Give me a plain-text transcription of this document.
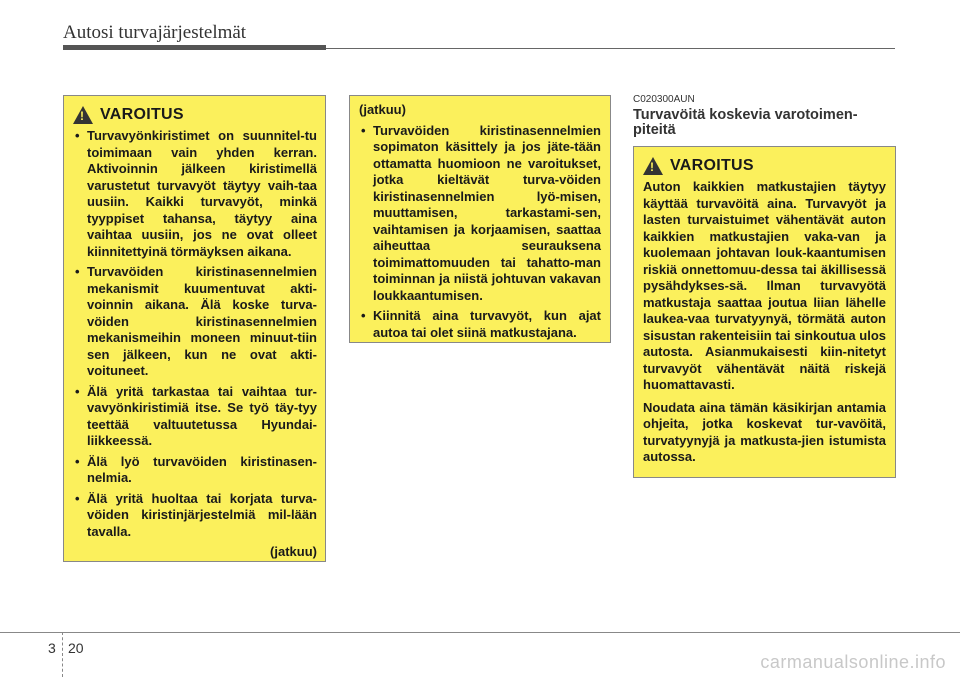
Autosi turvajärjestelmät
! VAROITUS
• Turvavyönkiristimet on suunnitel-tu toimimaan vain yhden kerran. Aktivoinnin jälkeen kiristimellä varustetut turvavyöt täytyy vaih-taa uusiin. Kaikki turvavyöt, minkä tyyppiset tahansa, täytyy aina vaihtaa uusiin, jos ne ovat olleet kiinnitettyinä törmäyksen aikana.
• Turvavöiden kiristinasennelmien mekanismit kuumentuvat akti-voinnin aikana. Älä koske turva-vöiden kiristinasennelmien mekanismeihin moneen minuut-tiin sen jälkeen, kun ne ovat akti-voituneet.
• Älä yritä tarkastaa tai vaihtaa tur-vavyönkiristimiä itse. Se työ täy-tyy teettää valtuutetussa Hyundai-liikkeessä.
• Älä lyö turvavöiden kiristinasen-nelmia.
• Älä yritä huoltaa tai korjata turva-vöiden kiristinjärjestelmiä mil-lään tavalla.
(jatkuu)
(jatkuu)
• Turvavöiden kiristinasennelmien sopimaton käsittely ja jos jäte-tään ottamatta huomioon ne varoitukset, jotka kieltävät turva-vöiden kiristinasennelmien lyö-misen, muuttamisen, tarkastami-sen, vaihtamisen ja korjaamisen, saattaa aiheuttaa seurauksena toimimattomuuden tai tahatto-man toiminnan ja niistä johtuvan vakavan loukkaantumisen.
• Kiinnitä aina turvavyöt, kun ajat autoa tai olet siinä matkustajana.
C020300AUN
Turvavöitä koskevia varotoimen-piteitä
! VAROITUS

Auton kaikkien matkustajien täytyy käyttää turvavöitä aina. Turvavyöt ja lasten turvaistuimet vähentävät auton kaikkien matkustajien vaka-van ja kuolemaan johtavan louk-kaantumisen riskiä onnettomuu-dessa tai äkillisessä pysähdykses-sä. Ilman turvavyötä matkustaja saattaa joutua liian lähelle laukea-vaa turvatyynyä, törmätä auton sisustan rakenteisiin tai sinkoutua ulos autosta. Asianmukaisesti kiin-nitetyt turvavyöt vähentävät näitä riskejä huomattavasti.

Noudata aina tämän käsikirjan antamia ohjeita, jotka koskevat tur-vavöitä, turvatyynyjä ja matkusta-jien istumista autossa.

3 20
carmanualsonline.info
